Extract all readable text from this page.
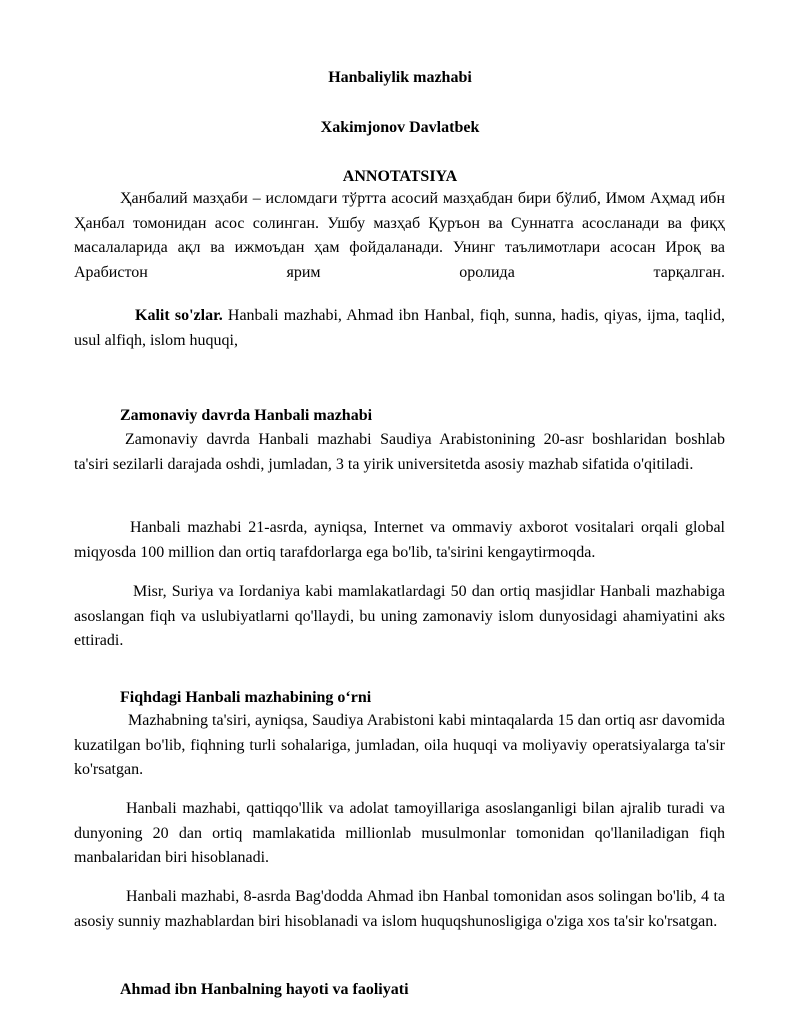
Hanbaliylik mazhabi
Xakimjonov Davlatbek
ANNOTATSIYA
Ҳанбалий мазҳаби – исломдаги тўртта асосий мазҳабдан бири бўлиб, Имом Аҳмад ибн Ҳанбал томонидан асос солинган. Ушбу мазҳаб Қуръон ва Суннатга асосланади ва фиқҳ масалаларида ақл ва ижмоъдан ҳам фойдаланади. Унинг таълимотлари асосан Ироқ ва Арабистон ярим оролида тарқалган.
Kalit so'zlar. Hanbali mazhabi, Ahmad ibn Hanbal, fiqh, sunna, hadis, qiyas, ijma, taqlid, usul alfiqh, islom huquqi,
Zamonaviy davrda Hanbali mazhabi
Zamonaviy davrda Hanbali mazhabi Saudiya Arabistonining 20-asr boshlaridan boshlab ta'siri sezilarli darajada oshdi, jumladan, 3 ta yirik universitetda asosiy mazhab sifatida o'qitiladi.
Hanbali mazhabi 21-asrda, ayniqsa, Internet va ommaviy axborot vositalari orqali global miqyosda 100 million dan ortiq tarafdorlarga ega bo'lib, ta'sirini kengaytirmoqda.
Misr, Suriya va Iordaniya kabi mamlakatlardagi 50 dan ortiq masjidlar Hanbali mazhabiga asoslangan fiqh va uslubiyatlarni qo'llaydi, bu uning zamonaviy islom dunyosidagi ahamiyatini aks ettiradi.
Fiqhdagi Hanbali mazhabining o‘rni
Mazhabning ta'siri, ayniqsa, Saudiya Arabistoni kabi mintaqalarda 15 dan ortiq asr davomida kuzatilgan bo'lib, fiqhning turli sohalariga, jumladan, oila huquqi va moliyaviy operatsiyalarga ta'sir ko'rsatgan.
Hanbali mazhabi, qattiqqo'llik va adolat tamoyillariga asoslanganligi bilan ajralib turadi va dunyoning 20 dan ortiq mamlakatida millionlab musulmonlar tomonidan qo'llaniladigan fiqh manbalaridan biri hisoblanadi.
Hanbali mazhabi, 8-asrda Bag'dodda Ahmad ibn Hanbal tomonidan asos solingan bo'lib, 4 ta asosiy sunniy mazhablardan biri hisoblanadi va islom huquqshunosligiga o'ziga xos ta'sir ko'rsatgan.
Ahmad ibn Hanbalning hayoti va faoliyati
